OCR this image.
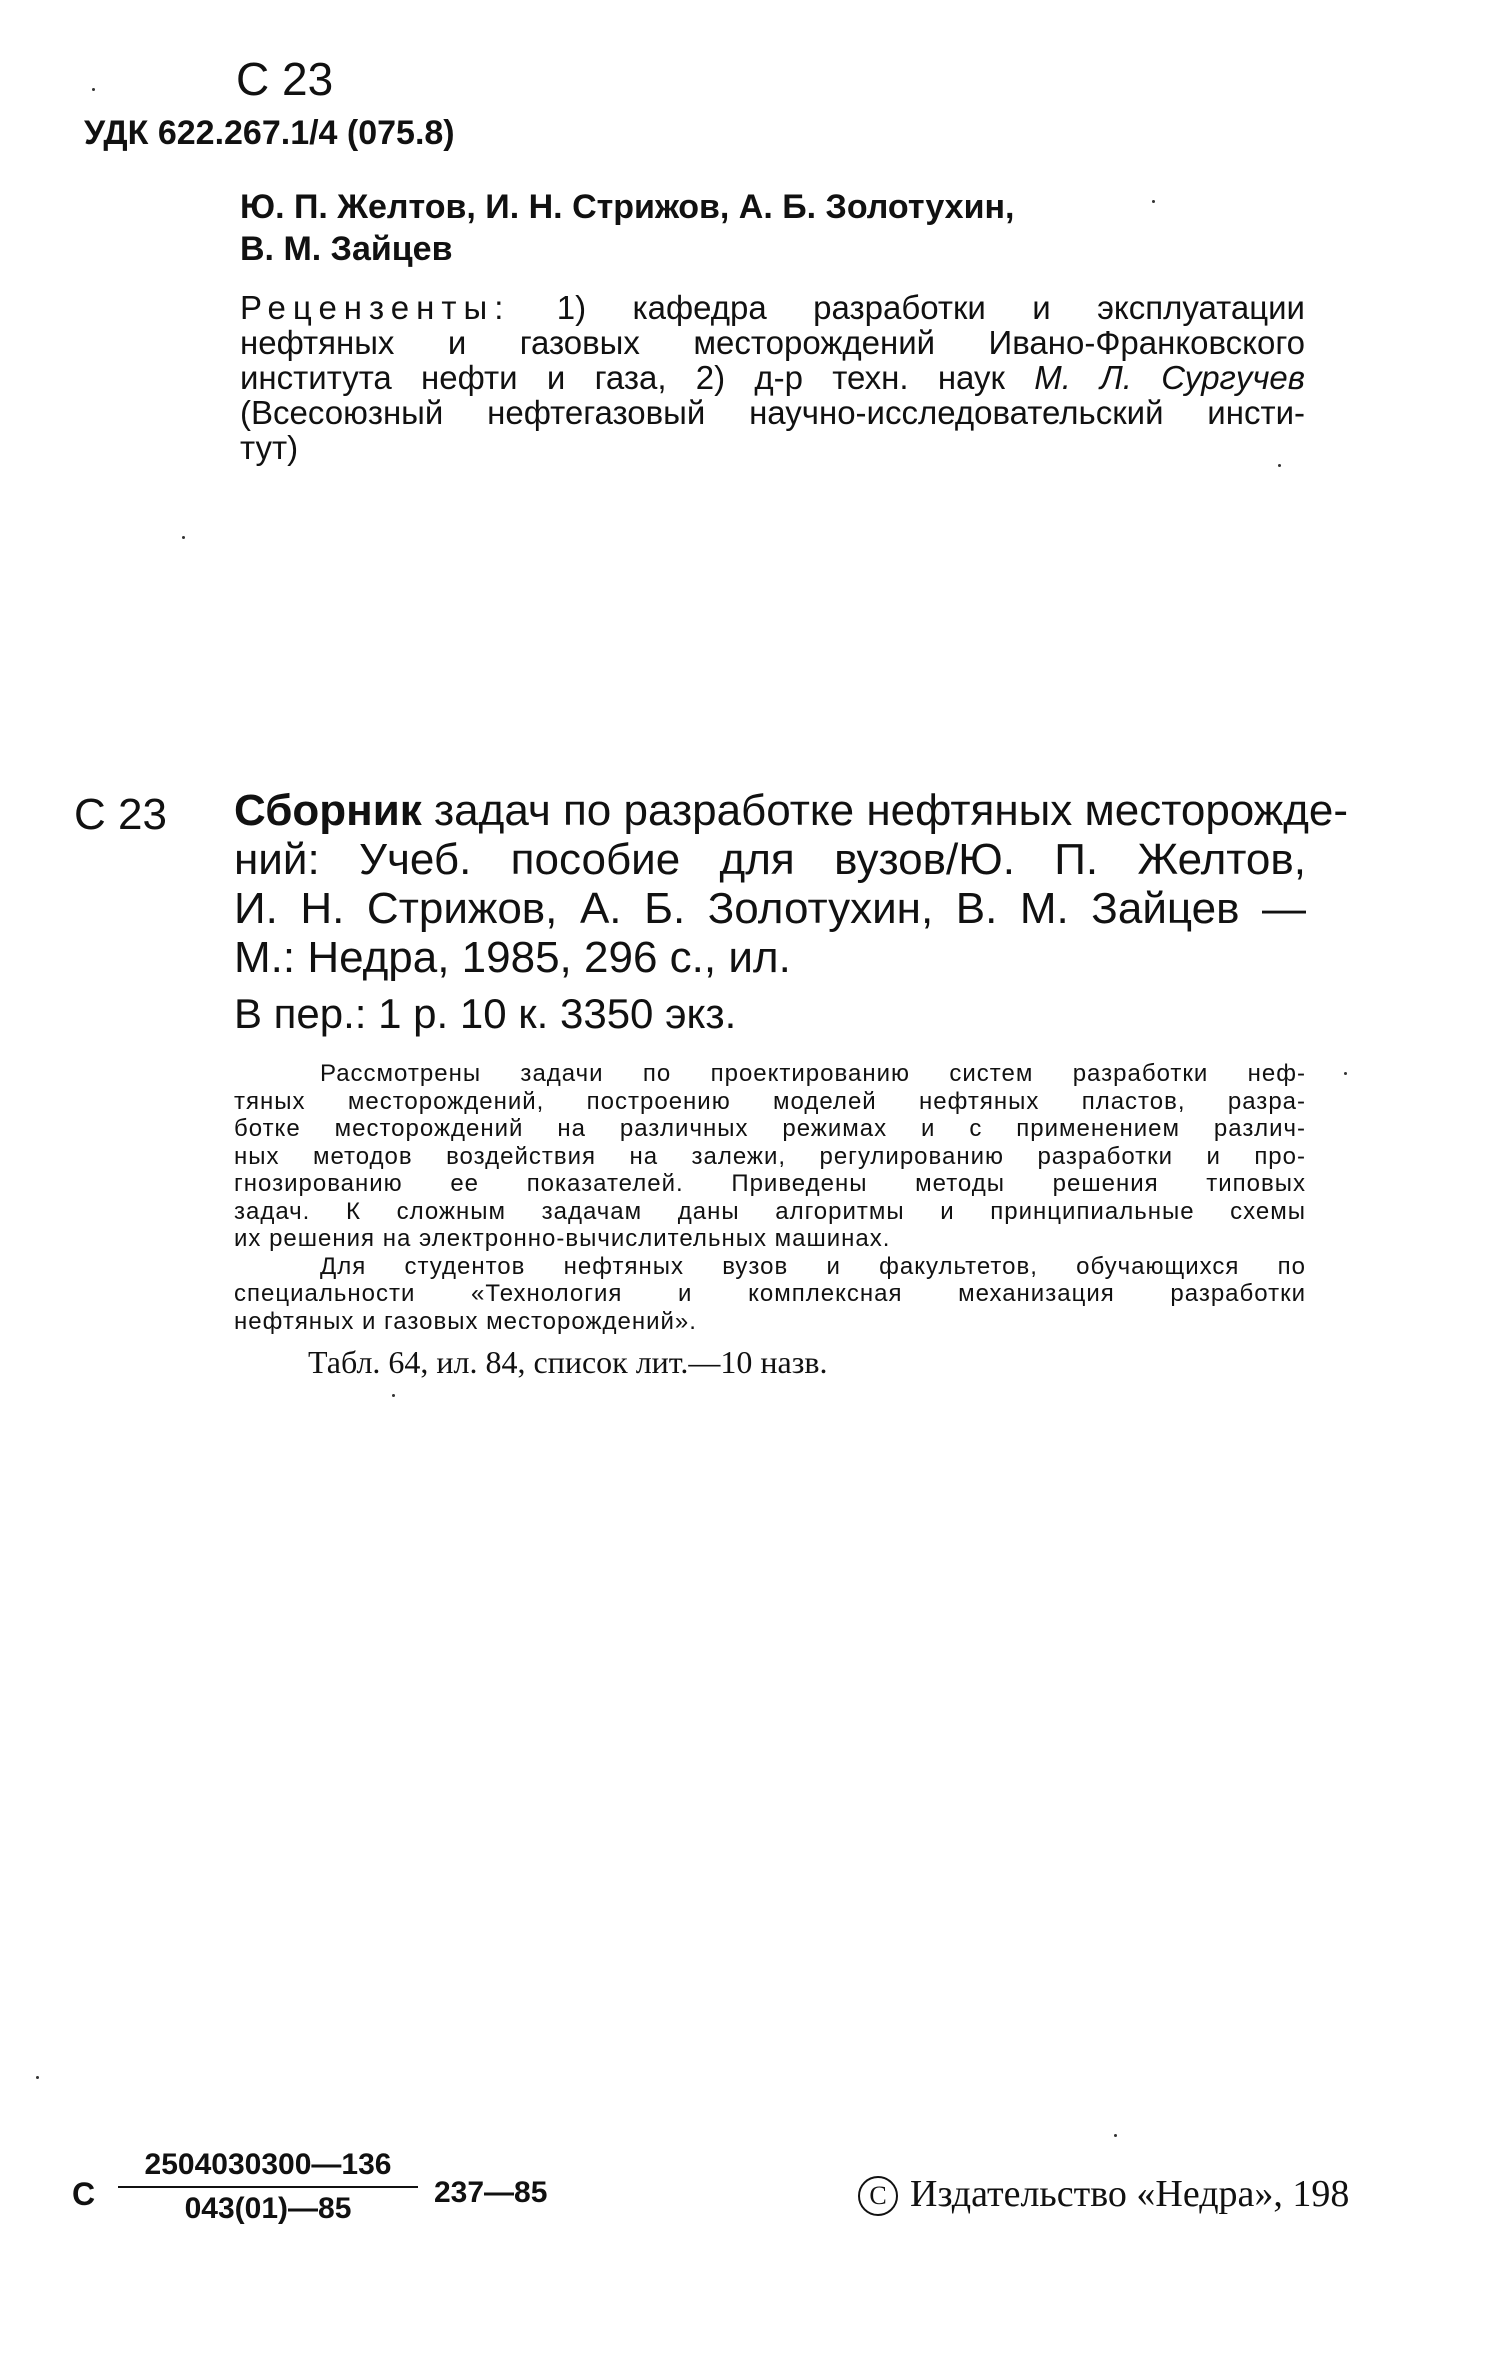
С 23
УДК 622.267.1/4 (075.8)
Ю. П. Желтов, И. Н. Стрижов, А. Б. Золотухин,
В. М. Зайцев
Рецензенты: 1) кафедра разработки и эксплуатации
нефтяных и газовых месторождений Ивано-Франковского
института нефти и газа, 2) д-р техн. наук М. Л. Сургучев
(Всесоюзный нефтегазовый научно-исследовательский инсти-
тут)
С 23 Сборник задач по разработке нефтяных месторожде-
ний: Учеб. пособие для вузов/Ю. П. Желтов,
И. Н. Стрижов, А. Б. Золотухин, В. М. Зайцев —
М.: Недра, 1985, 296 с., ил.
В пер.: 1 р. 10 к. 3350 экз.
Рассмотрены задачи по проектированию систем разработки неф-
тяных месторождений, построению моделей нефтяных пластов, разра-
ботке месторождений на различных режимах и с применением различ-
ных методов воздействия на залежи, регулированию разработки и про-
гнозированию ее показателей. Приведены методы решения типовых
задач. К сложным задачам даны алгоритмы и принципиальные схемы
их решения на электронно-вычислительных машинах.
Для студентов нефтяных вузов и факультетов, обучающихся по
специальности «Технология и комплексная механизация разработки
нефтяных и газовых месторождений».
Табл. 64, ил. 84, список лит.—10 назв.
С $\frac{2504030300—136}{043(01)—85}$ 237—85	C Издательство «Недра», 198
